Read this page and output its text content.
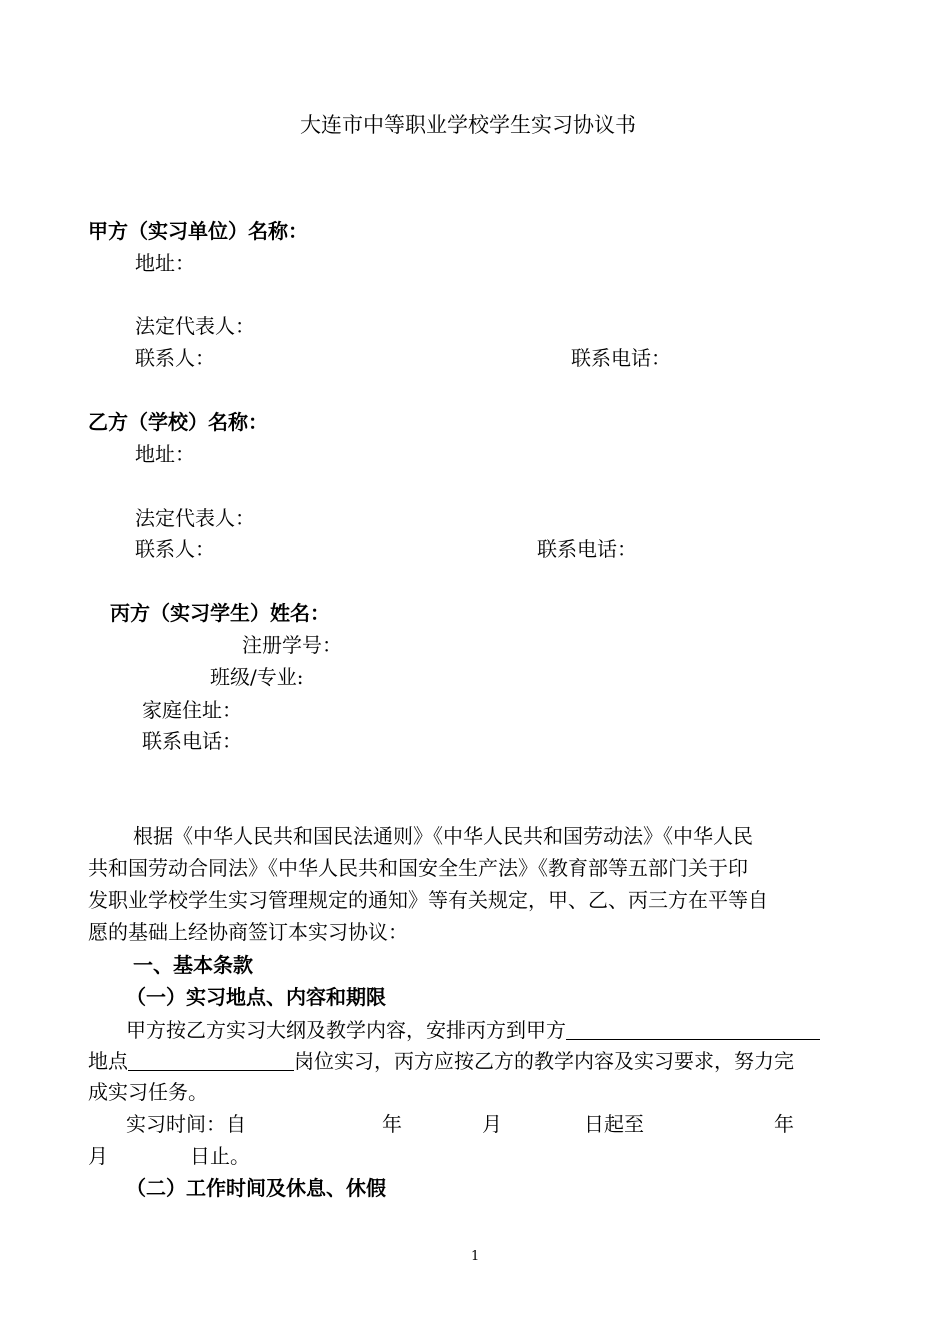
大连市中等职业学校学生实习协议书
甲方（实习单位）名称：
地址：
法定代表人：
联系人：	联系电话：
乙方（学校）名称：
地址：
法定代表人：
联系人：	联系电话：
丙方（实习学生）姓名：
注册学号：
班级/专业:
家庭住址：
联系电话：
根据《中华人民共和国民法通则》《中华人民共和国劳动法》《中华人民
共和国劳动合同法》《中华人民共和国安全生产法》《教育部等五部门关于印
发职业学校学生实习管理规定的通知》等有关规定，甲、乙、丙三方在平等自
愿的基础上经协商签订本实习协议：
一、基本条款
（一）实习地点、内容和期限
甲方按乙方实习大纲及教学内容，安排丙方到甲方
地点	岗位实习，丙方应按乙方的教学内容及实习要求，努力完
成实习任务。
实习时间：自	年	月	日起至	年
月	日止。
（二）工作时间及休息、休假
1
